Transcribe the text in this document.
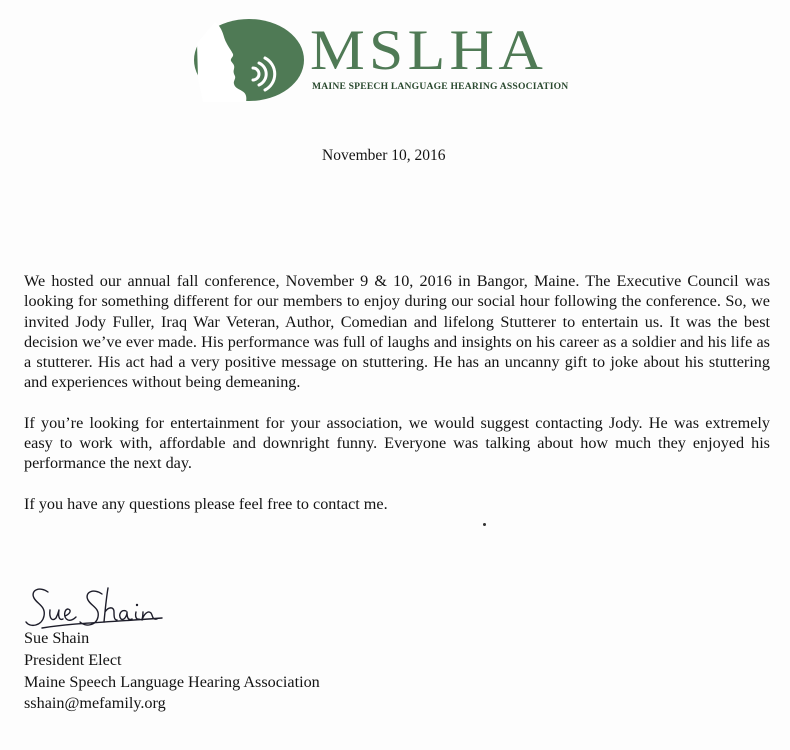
MSLHA
MAINE SPEECH LANGUAGE HEARING ASSOCIATION
November 10, 2016

We hosted our annual fall conference, November 9 & 10, 2016 in Bangor, Maine. The Executive Council was looking for something different for our members to enjoy during our social hour following the conference. So, we invited Jody Fuller, Iraq War Veteran, Author, Comedian and lifelong Stutterer to entertain us. It was the best decision we’ve ever made. His performance was full of laughs and insights on his career as a soldier and his life as a stutterer. His act had a very positive message on stuttering. He has an uncanny gift to joke about his stuttering and experiences without being demeaning.

If you’re looking for entertainment for your association, we would suggest contacting Jody. He was extremely easy to work with, affordable and downright funny. Everyone was talking about how much they enjoyed his performance the next day.

If you have any questions please feel free to contact me.

Sue Shain
President Elect
Maine Speech Language Hearing Association
sshain@mefamily.org
